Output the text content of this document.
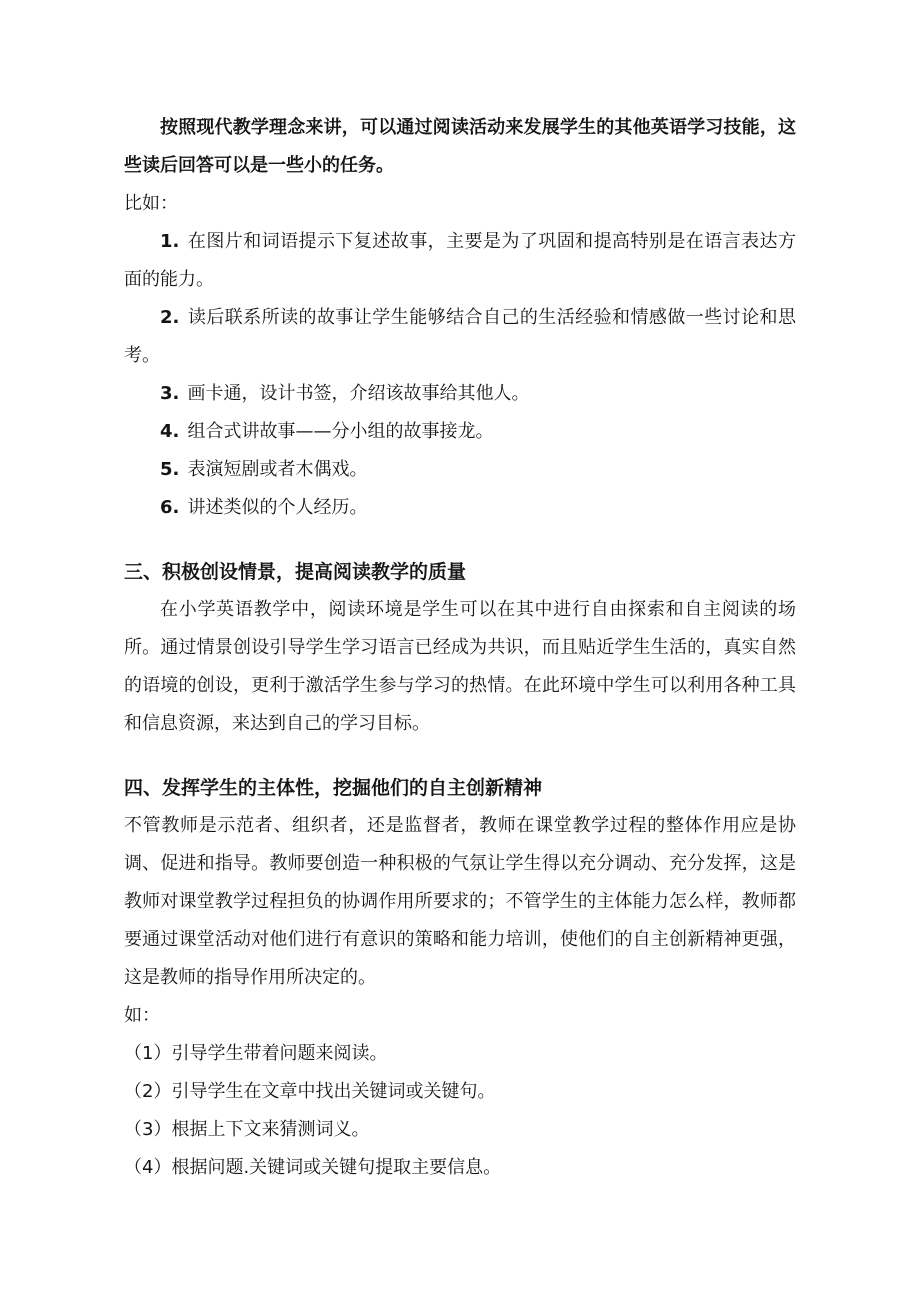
按照现代教学理念来讲，可以通过阅读活动来发展学生的其他英语学习技能，这些读后回答可以是一些小的任务。

比如：

1. 在图片和词语提示下复述故事，主要是为了巩固和提高特别是在语言表达方面的能力。

2. 读后联系所读的故事让学生能够结合自己的生活经验和情感做一些讨论和思考。

3. 画卡通，设计书签，介绍该故事给其他人。

4. 组合式讲故事——分小组的故事接龙。

5. 表演短剧或者木偶戏。

6. 讲述类似的个人经历。

三、积极创设情景，提高阅读教学的质量

在小学英语教学中，阅读环境是学生可以在其中进行自由探索和自主阅读的场所。通过情景创设引导学生学习语言已经成为共识，而且贴近学生生活的，真实自然的语境的创设，更利于激活学生参与学习的热情。在此环境中学生可以利用各种工具和信息资源，来达到自己的学习目标。

四、发挥学生的主体性，挖掘他们的自主创新精神

不管教师是示范者、组织者，还是监督者，教师在课堂教学过程的整体作用应是协调、促进和指导。教师要创造一种积极的气氛让学生得以充分调动、充分发挥，这是教师对课堂教学过程担负的协调作用所要求的；不管学生的主体能力怎么样，教师都要通过课堂活动对他们进行有意识的策略和能力培训，使他们的自主创新精神更强，这是教师的指导作用所决定的。

如：

（1）引导学生带着问题来阅读。

（2）引导学生在文章中找出关键词或关键句。

（3）根据上下文来猜测词义。

（4）根据问题.关键词或关键句提取主要信息。
